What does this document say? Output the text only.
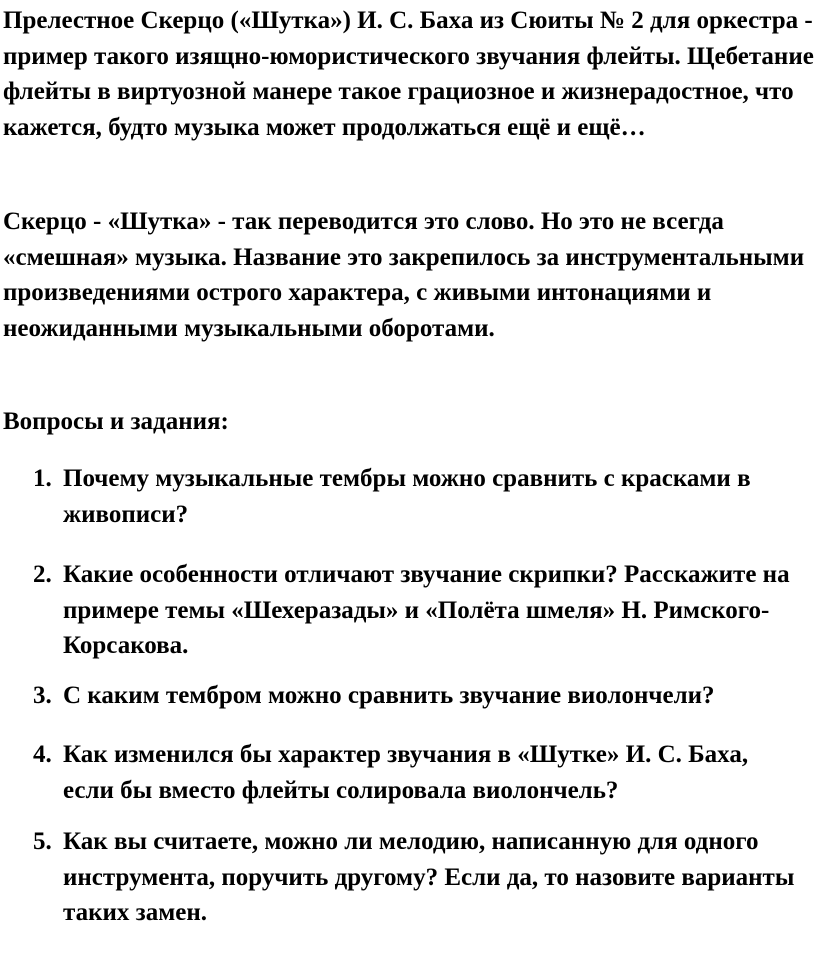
Прелестное Скерцо («Шутка») И. С. Баха из Сюиты № 2 для оркестра - пример такого изящно-юмористического звучания флейты. Щебетание флейты в виртуозной манере такое грациозное и жизнерадостное, что кажется, будто музыка может продолжаться ещё и ещё…

Скерцо - «Шутка» - так переводится это слово. Но это не всегда «смешная» музыка. Название это закрепилось за инструментальными произведениями острого характера, с живыми интонациями и неожиданными музыкальными оборотами.

Вопросы и задания:

1. Почему музыкальные тембры можно сравнить с красками в живописи?
2. Какие особенности отличают звучание скрипки? Расскажите на примере темы «Шехеразады» и «Полёта шмеля» Н. Римского-Корсакова.
3. С каким тембром можно сравнить звучание виолончели?
4. Как изменился бы характер звучания в «Шутке» И. С. Баха, если бы вместо флейты солировала виолончель?
5. Как вы считаете, можно ли мелодию, написанную для одного инструмента, поручить другому? Если да, то назовите варианты таких замен.
